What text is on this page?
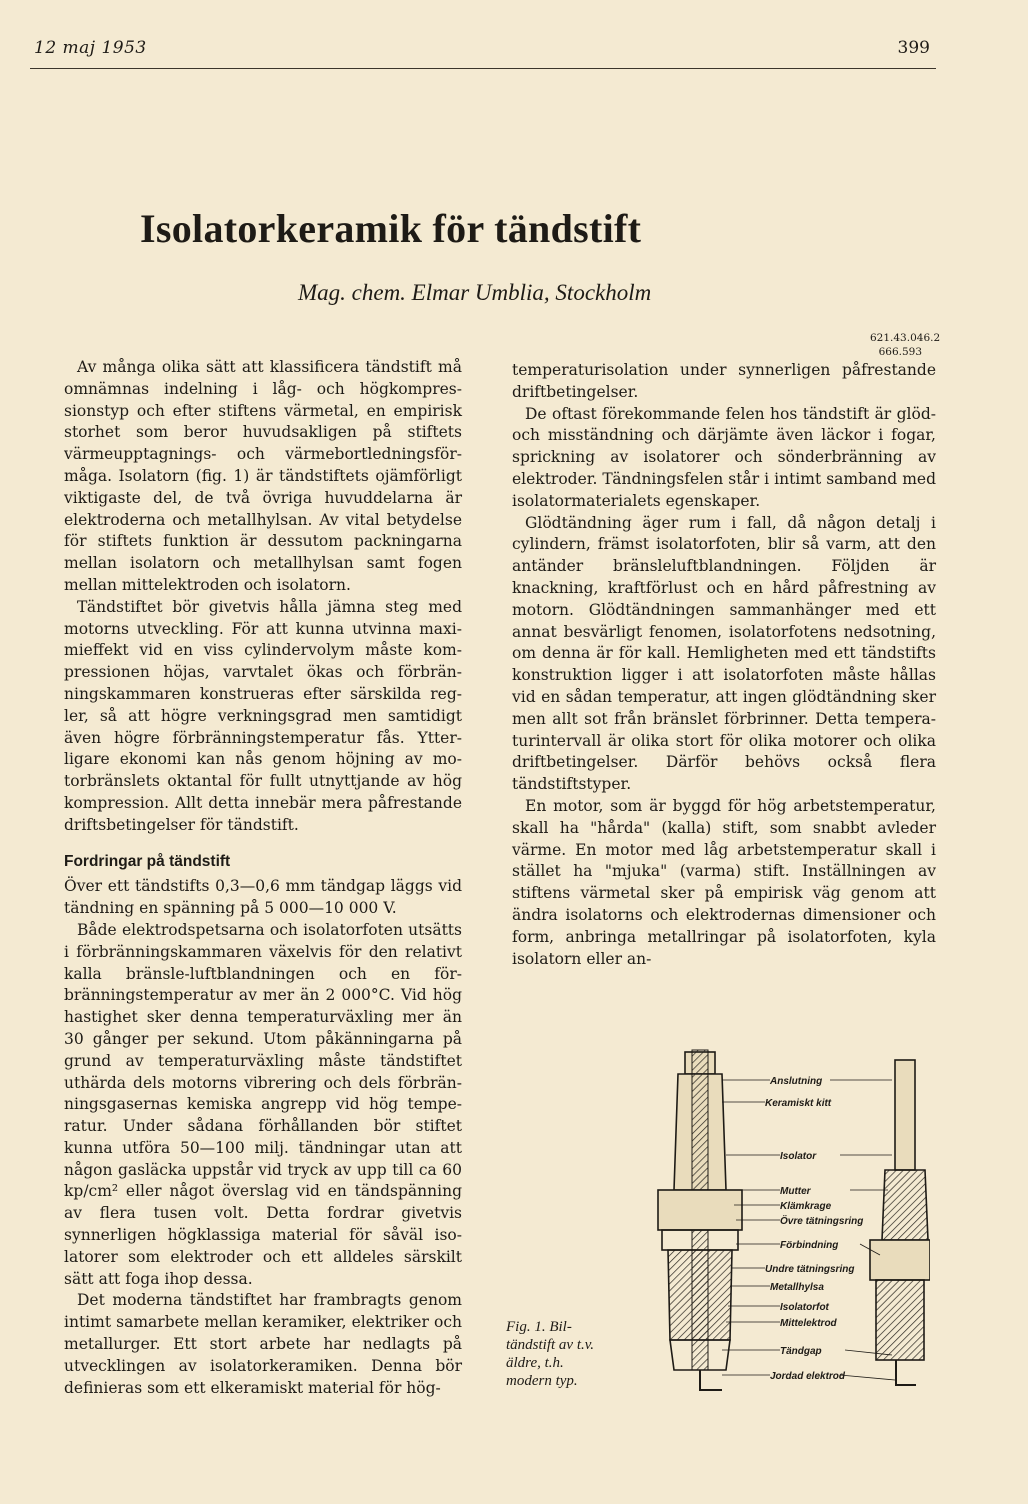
12 maj 1953	399
Isolatorkeramik för tändstift
Mag. chem. Elmar Umblia, Stockholm
621.43.046.2
666.593

Av många olika sätt att klassificera tändstift må omnämnas indelning i låg- och högkompressionstyp och efter stiftens värmetal, en empirisk storhet som beror huvudsakligen på stiftets värmeupptagnings- och värmebortledningsförmåga. Isolatorn (fig. 1) är tändstiftets ojämförligt viktigaste del, de två övriga huvuddelarna är elektroderna och metallhylsan. Av vital betydelse för stiftets funktion är dessutom packningarna mellan isolatorn och metallhylsan samt fogen mellan mittelektroden och isolatorn.

Tändstiftet bör givetvis hålla jämna steg med motorns utveckling. För att kunna utvinna maximieffekt vid en viss cylindervolym måste kompressionen höjas, varvtalet ökas och förbränningskammaren konstrueras efter särskilda regler, så att högre verkningsgrad men samtidigt även högre förbränningstemperatur fås. Ytterligare ekonomi kan nås genom höjning av motorbränslets oktantal för fullt utnyttjande av hög kompression. Allt detta innebär mera påfrestande driftsbetingelser för tändstift.

Fordringar på tändstift

Över ett tändstifts 0,3—0,6 mm tändgap läggs vid tändning en spänning på 5 000—10 000 V.

Både elektrodspetsarna och isolatorfoten utsätts i förbränningskammaren växelvis för den relativt kalla bränsle-luftblandningen och en förbränningstemperatur av mer än 2 000°C. Vid hög hastighet sker denna temperaturväxling mer än 30 gånger per sekund. Utom påkänningarna på grund av temperaturväxling måste tändstiftet uthärda dels motorns vibrering och dels förbränningsgasernas kemiska angrepp vid hög temperatur. Under sådana förhållanden bör stiftet kunna utföra 50—100 milj. tändningar utan att någon gasläcka uppstår vid tryck av upp till ca 60 kp/cm² eller något överslag vid en tändspänning av flera tusen volt. Detta fordrar givetvis synnerligen högklassiga material för såväl isolatorer som elektroder och ett alldeles särskilt sätt att foga ihop dessa.

Det moderna tändstiftet har frambragts genom intimt samarbete mellan keramiker, elektriker och metallurger. Ett stort arbete har nedlagts på utvecklingen av isolatorkeramiken. Denna bör definieras som ett elkeramiskt material för hög-

temperaturisolation under synnerligen påfrestande driftbetingelser.

De oftast förekommande felen hos tändstift är glöd- och misständning och därjämte även läckor i fogar, sprickning av isolatorer och sönderbränning av elektroder. Tändningsfelen står i intimt samband med isolatormaterialets egenskaper.

Glödtändning äger rum i fall, då någon detalj i cylindern, främst isolatorfoten, blir så varm, att den antänder bränsleluftblandningen. Följden är knackning, kraftförlust och en hård påfrestning av motorn. Glödtändningen sammanhänger med ett annat besvärligt fenomen, isolatorfotens nedsotning, om denna är för kall. Hemligheten med ett tändstifts konstruktion ligger i att isolatorfoten måste hållas vid en sådan temperatur, att ingen glödtändning sker men allt sot från bränslet förbrinner. Detta temperaturintervall är olika stort för olika motorer och olika driftbetingelser. Därför behövs också flera tändstiftstyper.

En motor, som är byggd för hög arbetstemperatur, skall ha "hårda" (kalla) stift, som snabbt avleder värme. En motor med låg arbetstemperatur skall i stället ha "mjuka" (varma) stift. Inställningen av stiftens värmetal sker på empirisk väg genom att ändra isolatorns och elektrodernas dimensioner och form, anbringa metallringar på isolatorfoten, kyla isolatorn eller an-

Fig. 1. Biltändstift av t.v. äldre, t.h. modern typ.
Anslutning
Keramiskt kitt
Isolator
Mutter
Klämkrage
Övre tätningsring
Förbindning
Undre tätningsring
Metallhylsa
Isolatorfot
Mittelektrod
Tändgap
Jordad elektrod
